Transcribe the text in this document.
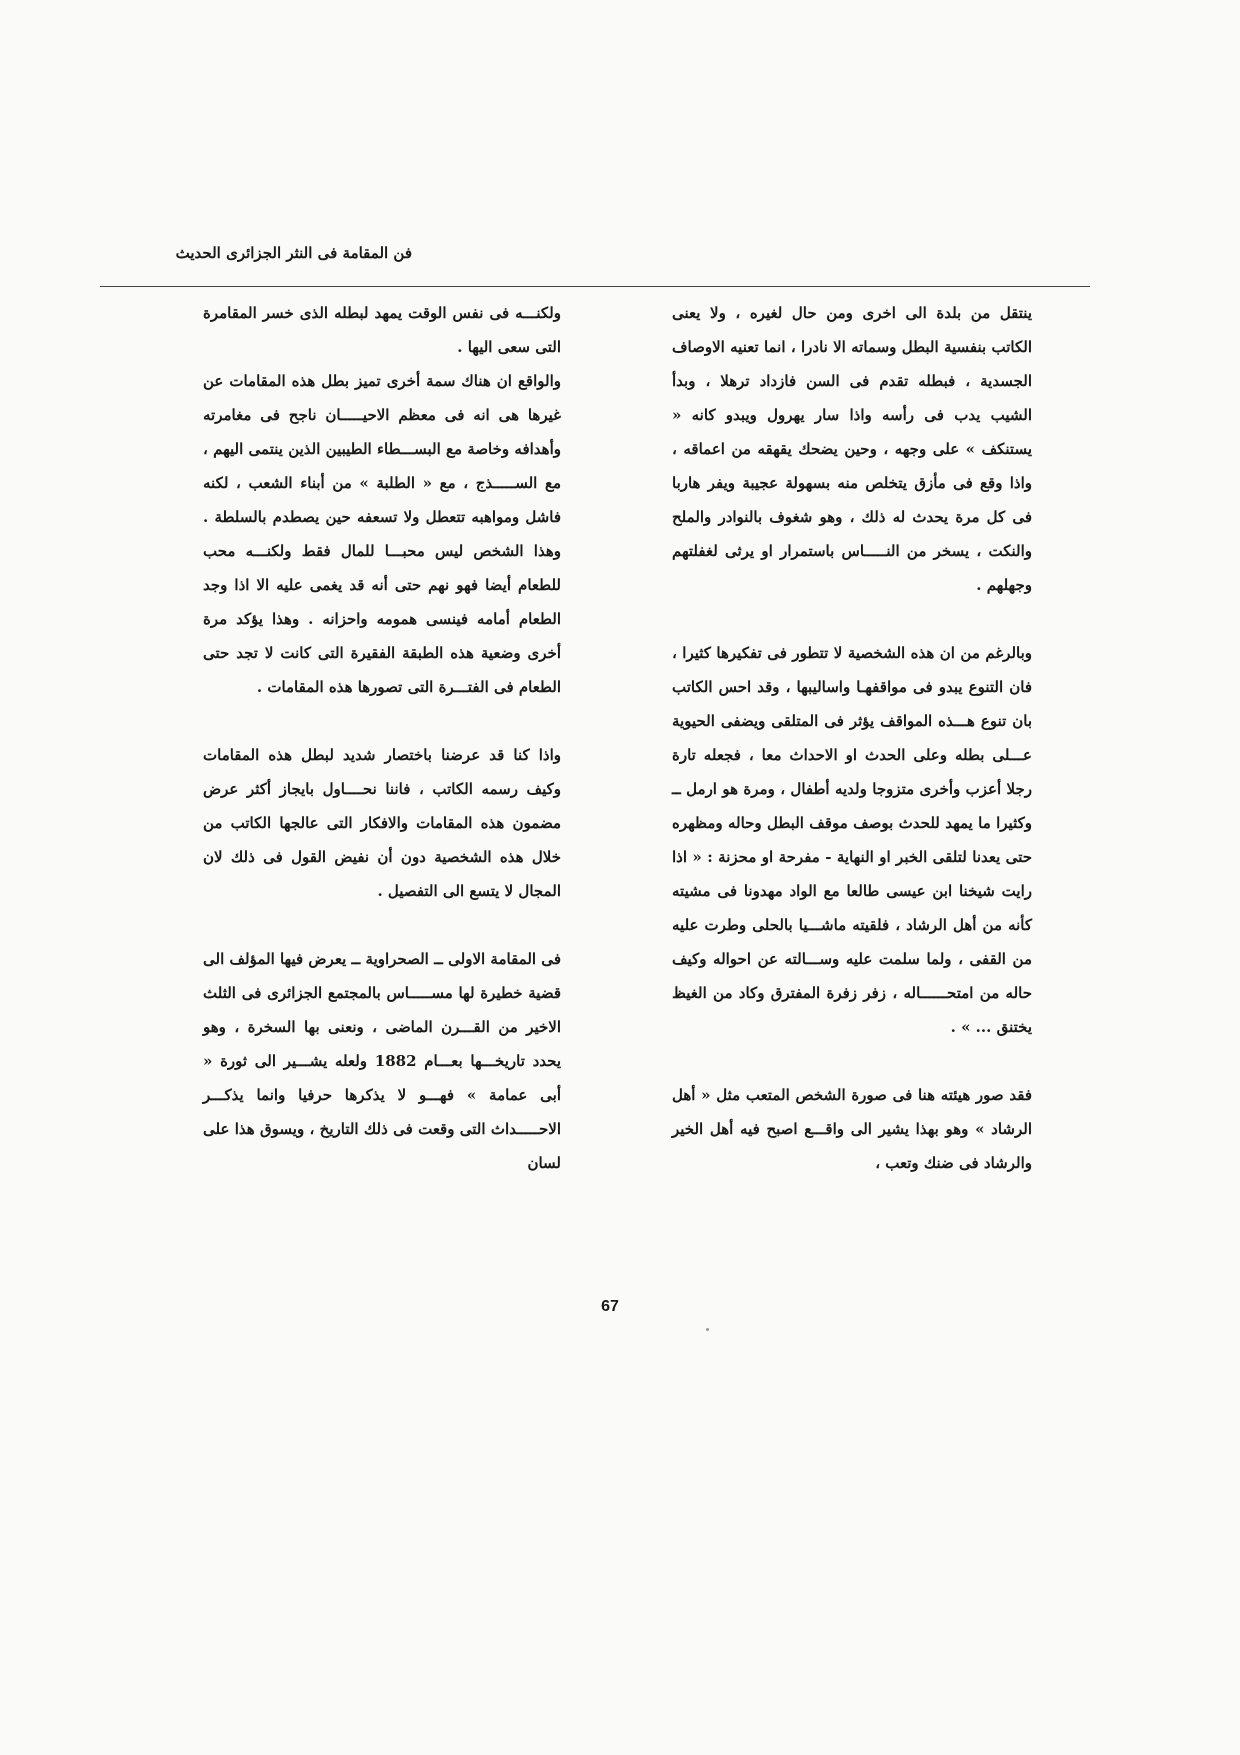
فن المقامة فى النثر الجزائرى الحديث

ينتقل من بلدة الى اخرى ومن حال لغيره ، ولا يعنى الكاتب بنفسية البطل وسماته الا نادرا ، انما تعنيه الاوصاف الجسدية ، فبطله تقدم فى السن فازداد ترهلا ، وبدأ الشيب يدب فى رأسه واذا سار يهرول ويبدو كانه « يستنكف » على وجهه ، وحين يضحك يقهقه من اعماقه ، واذا وقع فى مأزق يتخلص منه بسهولة عجيبة ويفر هاربا فى كل مرة يحدث له ذلك ، وهو شغوف بالنوادر والملح والنكت ، يسخر من النـــــاس باستمرار او يرثى لغفلتهم وجهلهم .

وبالرغم من ان هذه الشخصية لا تتطور فى تفكيرها كثيرا ، فان التنوع يبدو فى مواقفهـا واساليبها ، وقد احس الكاتب بان تنوع هـــذه المواقف يؤثر فى المتلقى ويضفى الحيوية عـــلى بطله وعلى الحدث او الاحداث معا ، فجعله تارة رجلا أعزب وأخرى متزوجا ولديه أطفال ، ومرة هو ارمل ــ وكثيرا ما يمهد للحدث بوصف موقف البطل وحاله ومظهره حتى يعدنا لتلقى الخبر او النهاية - مفرحة او محزنة : « اذا رايت شيخنا ابن عيسى طالعا مع الواد مهدونا فى مشيته كأنه من أهل الرشاد ، فلقيته ماشـــيا بالحلى وطرت عليه من القفى ، ولما سلمت عليه وســـالته عن احواله وكيف حاله من امتحــــــاله ، زفر زفرة المفترق وكاد من الغيظ يختنق ... » .

فقد صور هيئته هنا فى صورة الشخص المتعب مثل « أهل الرشاد » وهو بهذا يشير الى واقـــع اصبح فيه أهل الخير والرشاد فى ضنك وتعب ،

ولكنـــه فى نفس الوقت يمهد لبطله الذى خسر المقامرة التى سعى اليها .

والواقع ان هناك سمة أخرى تميز بطل هذه المقامات عن غيرها هى انه فى معظم الاحيـــــان ناجح فى مغامرته وأهدافه وخاصة مع البســـطاء الطيبين الذين ينتمى اليهم ، مع الســـــذج ، مع « الطلبة » من أبناء الشعب ، لكنه فاشل ومواهبه تتعطل ولا تسعفه حين يصطدم بالسلطة . وهذا الشخص ليس محبـــا للمال فقط ولكنـــه محب للطعام أيضا فهو نهم حتى أنه قد يغمى عليه الا اذا وجد الطعام أمامه فينسى همومه واحزانه . وهذا يؤكد مرة أخرى وضعية هذه الطبقة الفقيرة التى كانت لا تجد حتى الطعام فى الفتـــرة التى تصورها هذه المقامات .

واذا كنا قد عرضنا باختصار شديد لبطل هذه المقامات وكيف رسمه الكاتب ، فاننا نحــــاول بايجاز أكثر عرض مضمون هذه المقامات والافكار التى عالجها الكاتب من خلال هذه الشخصية دون أن نفيض القول فى ذلك لان المجال لا يتسع الى التفصيل .

فى المقامة الاولى ــ الصحراوية ــ يعرض فيها المؤلف الى قضية خطيرة لها مســـــاس بالمجتمع الجزائرى فى الثلث الاخير من القـــرن الماضى ، ونعنى بها السخرة ، وهو يحدد تاريخـــها بعـــام 1882 ولعله يشـــير الى ثورة « أبى عمامة » فهـــو لا يذكرها حرفيا وانما يذكـــر الاحـــــداث التى وقعت فى ذلك التاريخ ، ويسوق هذا على لسان

67
